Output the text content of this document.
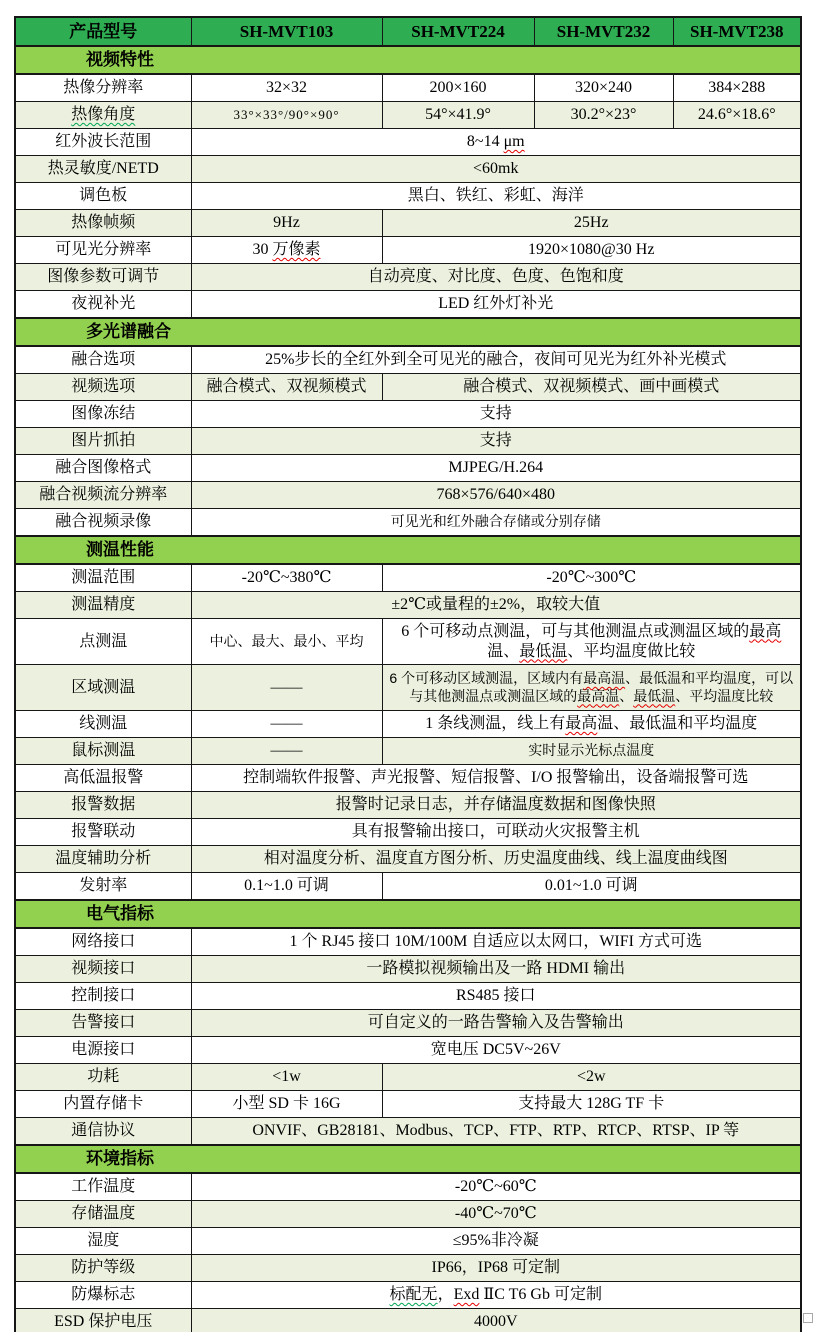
产品型号	SH-MVT103	SH-MVT224	SH-MVT232	SH-MVT238
视频特性				
热像分辨率	32×32	200×160	320×240	384×288
热像角度	33°×33°/90°×90°	54°×41.9°	30.2°×23°	24.6°×18.6°
红外波长范围	8~14 μm			
热灵敏度/NETD	<60mk			
调色板	黑白、铁红、彩虹、海洋			
热像帧频	9Hz	25Hz		
可见光分辨率	30 万像素	1920×1080@30 Hz		
图像参数可调节	自动亮度、对比度、色度、色饱和度			
夜视补光	LED 红外灯补光			
多光谱融合				
融合选项	25%步长的全红外到全可见光的融合，夜间可见光为红外补光模式			
视频选项	融合模式、双视频模式	融合模式、双视频模式、画中画模式		
图像冻结	支持			
图片抓拍	支持			
融合图像格式	MJPEG/H.264			
融合视频流分辨率	768×576/640×480			
融合视频录像	可见光和红外融合存储或分别存储			
测温性能				
测温范围	-20℃~380℃	-20℃~300℃		
测温精度	±2℃或量程的±2%，取较大值			
点测温	中心、最大、最小、平均	6 个可移动点测温，可与其他测温点或测温区域的最高温、最低温、平均温度做比较		
区域测温	——	6 个可移动区域测温，区域内有最高温、最低温和平均温度，可以与其他测温点或测温区域的最高温、最低温、平均温度比较		
线测温	——	1 条线测温，线上有最高温、最低温和平均温度		
鼠标测温	——	实时显示光标点温度		
高低温报警	控制端软件报警、声光报警、短信报警、I/O 报警输出，设备端报警可选			
报警数据	报警时记录日志，并存储温度数据和图像快照			
报警联动	具有报警输出接口，可联动火灾报警主机			
温度辅助分析	相对温度分析、温度直方图分析、历史温度曲线、线上温度曲线图			
发射率	0.1~1.0 可调	0.01~1.0 可调		
电气指标				
网络接口	1 个 RJ45 接口 10M/100M 自适应以太网口，WIFI 方式可选			
视频接口	一路模拟视频输出及一路 HDMI 输出			
控制接口	RS485 接口			
告警接口	可自定义的一路告警输入及告警输出			
电源接口	宽电压 DC5V~26V			
功耗	<1w	<2w		
内置存储卡	小型 SD 卡 16G	支持最大 128G TF 卡		
通信协议	ONVIF、GB28181、Modbus、TCP、FTP、RTP、RTCP、RTSP、IP 等			
环境指标				
工作温度	-20℃~60℃			
存储温度	-40℃~70℃			
湿度	≤95%非冷凝			
防护等级	IP66，IP68 可定制			
防爆标志	标配无，Exd ⅡC T6 Gb 可定制			
ESD 保护电压	4000V			
